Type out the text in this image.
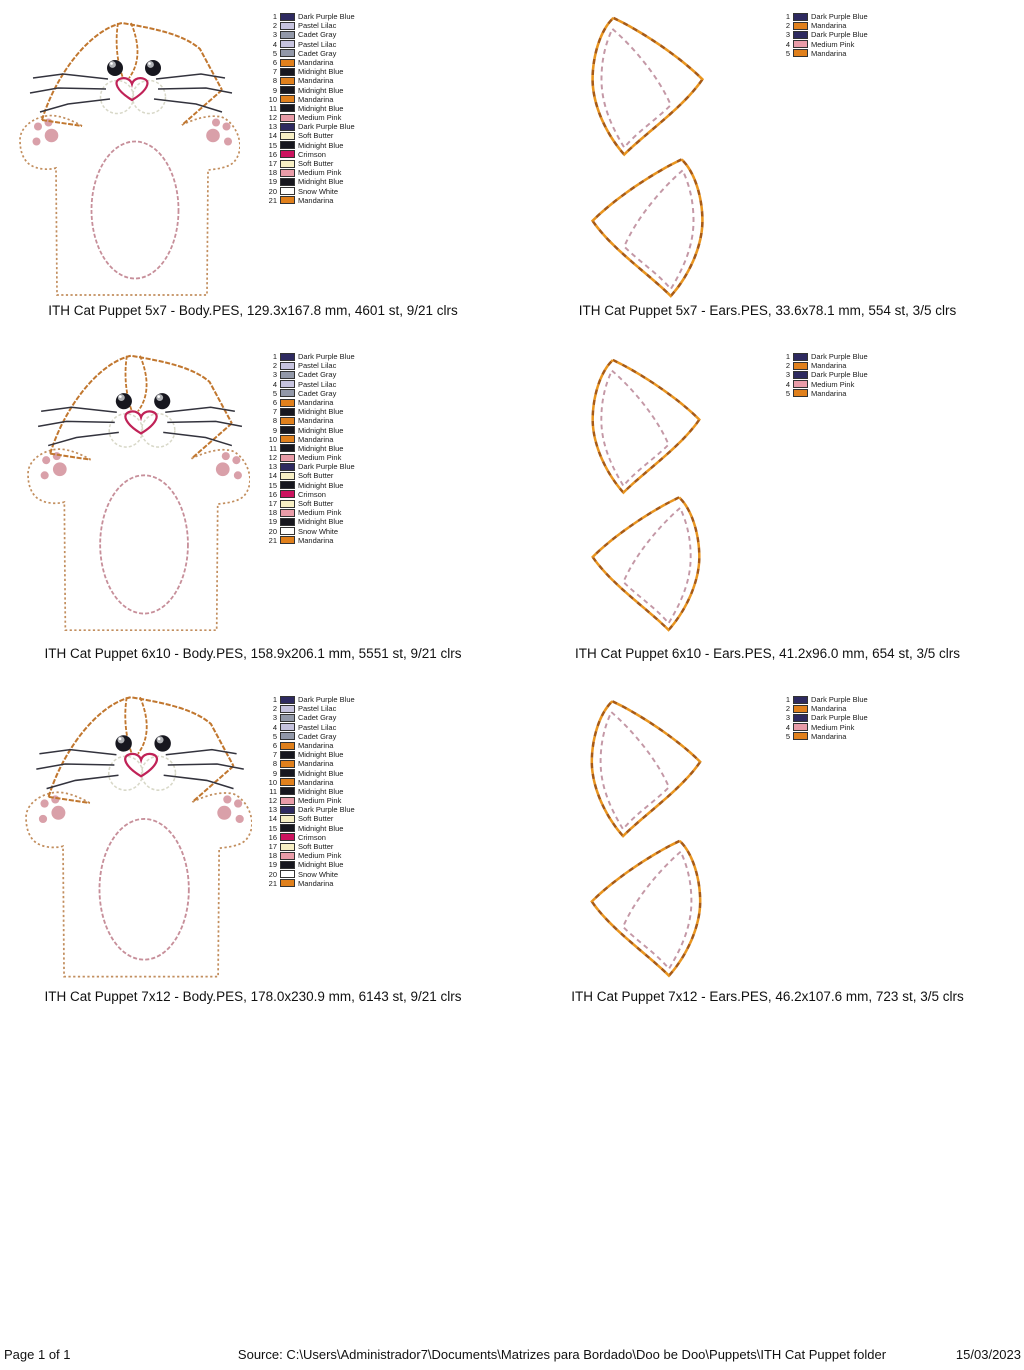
1	Dark Purple Blue
2	Pastel Lilac
3	Cadet Gray
4	Pastel Lilac
5	Cadet Gray
6	Mandarina
7	Midnight Blue
8	Mandarina
9	Midnight Blue
10	Mandarina
11	Midnight Blue
12	Medium Pink
13	Dark Purple Blue
14	Soft Butter
15	Midnight Blue
16	Crimson
17	Soft Butter
18	Medium Pink
19	Midnight Blue
20	Snow White
21	Mandarina
ITH Cat Puppet 5x7 - Body.PES, 129.3x167.8 mm, 4601 st, 9/21 clrs
1	Dark Purple Blue
2	Mandarina
3	Dark Purple Blue
4	Medium Pink
5	Mandarina
ITH Cat Puppet 5x7 - Ears.PES, 33.6x78.1 mm, 554 st, 3/5 clrs
1	Dark Purple Blue
2	Pastel Lilac
3	Cadet Gray
4	Pastel Lilac
5	Cadet Gray
6	Mandarina
7	Midnight Blue
8	Mandarina
9	Midnight Blue
10	Mandarina
11	Midnight Blue
12	Medium Pink
13	Dark Purple Blue
14	Soft Butter
15	Midnight Blue
16	Crimson
17	Soft Butter
18	Medium Pink
19	Midnight Blue
20	Snow White
21	Mandarina
ITH Cat Puppet 6x10 - Body.PES, 158.9x206.1 mm, 5551 st, 9/21 clrs
1	Dark Purple Blue
2	Mandarina
3	Dark Purple Blue
4	Medium Pink
5	Mandarina
ITH Cat Puppet 6x10 - Ears.PES, 41.2x96.0 mm, 654 st, 3/5 clrs
1	Dark Purple Blue
2	Pastel Lilac
3	Cadet Gray
4	Pastel Lilac
5	Cadet Gray
6	Mandarina
7	Midnight Blue
8	Mandarina
9	Midnight Blue
10	Mandarina
11	Midnight Blue
12	Medium Pink
13	Dark Purple Blue
14	Soft Butter
15	Midnight Blue
16	Crimson
17	Soft Butter
18	Medium Pink
19	Midnight Blue
20	Snow White
21	Mandarina
ITH Cat Puppet 7x12 - Body.PES, 178.0x230.9 mm, 6143 st, 9/21 clrs
1	Dark Purple Blue
2	Mandarina
3	Dark Purple Blue
4	Medium Pink
5	Mandarina
ITH Cat Puppet 7x12 - Ears.PES, 46.2x107.6 mm, 723 st, 3/5 clrs
Page 1 of 1	Source: C:\Users\Administrador7\Documents\Matrizes para Bordado\Doo be Doo\Puppets\ITH Cat Puppet folder	15/03/2023
